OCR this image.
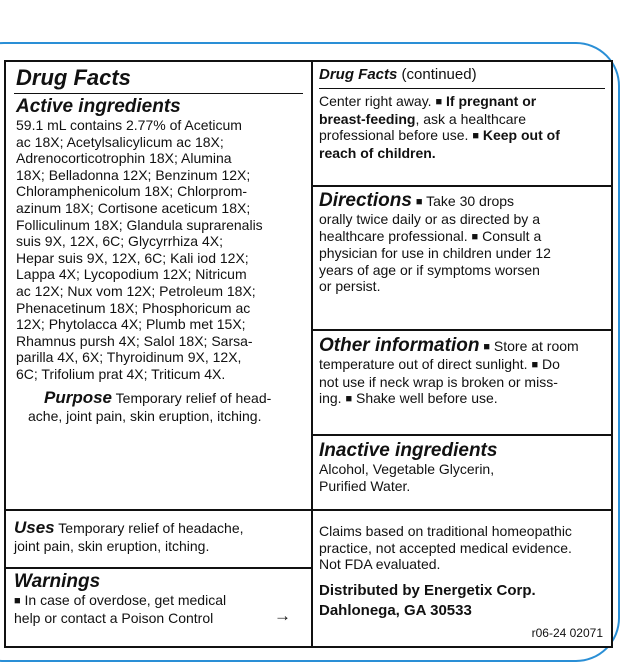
Drug Facts
Active ingredients
59.1 mL contains 2.77% of Aceticum
ac 18X; Acetylsalicylicum ac 18X;
Adrenocorticotrophin 18X; Alumina
18X; Belladonna 12X; Benzinum 12X;
Chloramphenicolum 18X; Chlorprom-
azinum 18X; Cortisone aceticum 18X;
Folliculinum 18X; Glandula suprarenalis
suis 9X, 12X, 6C; Glycyrrhiza 4X;
Hepar suis 9X, 12X, 6C; Kali iod 12X;
Lappa 4X; Lycopodium 12X; Nitricum
ac 12X; Nux vom 12X; Petroleum 18X;
Phenacetinum 18X; Phosphoricum ac
12X; Phytolacca 4X; Plumb met 15X;
Rhamnus pursh 4X; Salol 18X; Sarsa-
parilla 4X, 6X; Thyroidinum 9X, 12X,
6C; Trifolium prat 4X; Triticum 4X.
Purpose Temporary relief of head-
ache, joint pain, skin eruption, itching.
Uses Temporary relief of headache,
joint pain, skin eruption, itching.
Warnings
■ In case of overdose, get medical
help or contact a Poison Control	→
Drug Facts (continued)
Center right away. ■ If pregnant or
breast-feeding, ask a healthcare
professional before use. ■ Keep out of
reach of children.
Directions ■ Take 30 drops
orally twice daily or as directed by a
healthcare professional. ■ Consult a
physician for use in children under 12
years of age or if symptoms worsen
or persist.
Other information ■ Store at room
temperature out of direct sunlight. ■ Do
not use if neck wrap is broken or miss-
ing. ■ Shake well before use.
Inactive ingredients
Alcohol, Vegetable Glycerin,
Purified Water.
Claims based on traditional homeopathic
practice, not accepted medical evidence.
Not FDA evaluated.
Distributed by Energetix Corp.
Dahlonega, GA 30533
r06-24 02071
